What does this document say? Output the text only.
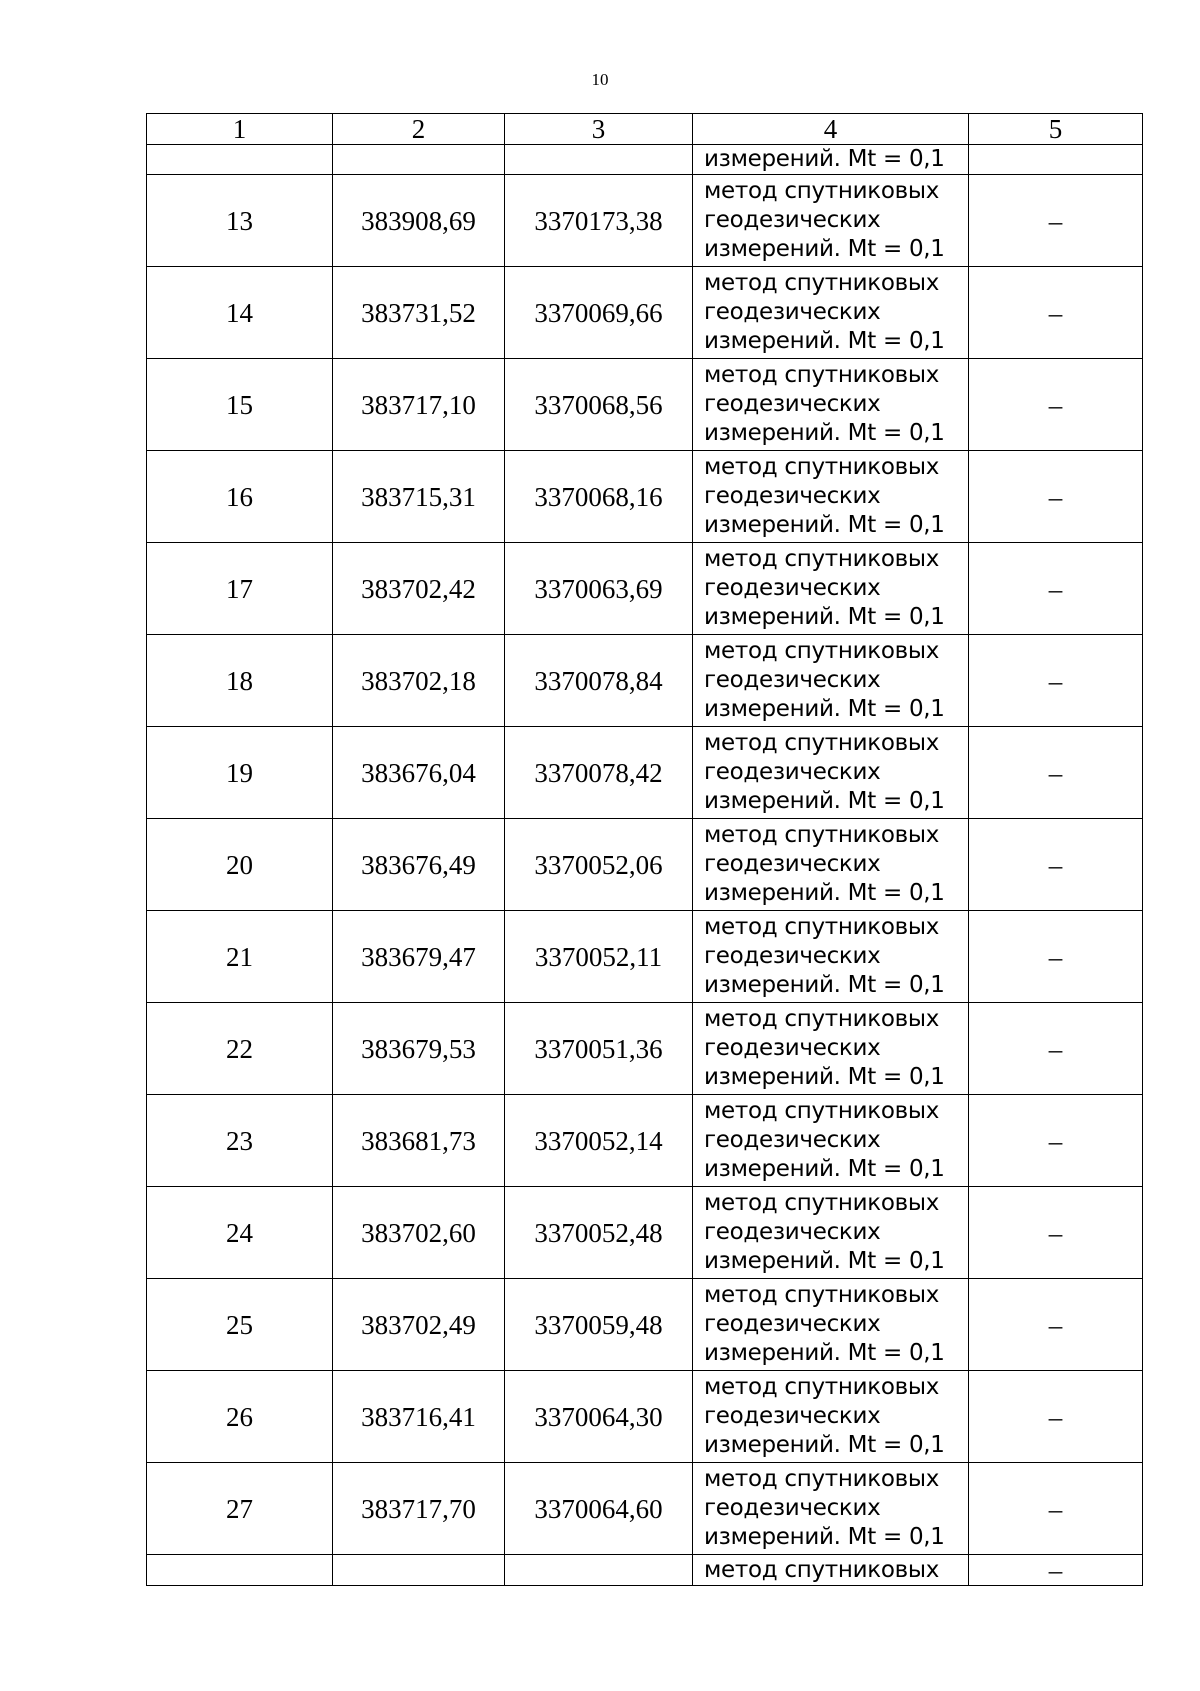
10
1	2	3	4	5
			измерений. Mt = 0,1	
13	383908,69	3370173,38	метод спутниковых
геодезических
измерений. Mt = 0,1	–
14	383731,52	3370069,66	метод спутниковых
геодезических
измерений. Mt = 0,1	–
15	383717,10	3370068,56	метод спутниковых
геодезических
измерений. Mt = 0,1	–
16	383715,31	3370068,16	метод спутниковых
геодезических
измерений. Mt = 0,1	–
17	383702,42	3370063,69	метод спутниковых
геодезических
измерений. Mt = 0,1	–
18	383702,18	3370078,84	метод спутниковых
геодезических
измерений. Mt = 0,1	–
19	383676,04	3370078,42	метод спутниковых
геодезических
измерений. Mt = 0,1	–
20	383676,49	3370052,06	метод спутниковых
геодезических
измерений. Mt = 0,1	–
21	383679,47	3370052,11	метод спутниковых
геодезических
измерений. Mt = 0,1	–
22	383679,53	3370051,36	метод спутниковых
геодезических
измерений. Mt = 0,1	–
23	383681,73	3370052,14	метод спутниковых
геодезических
измерений. Mt = 0,1	–
24	383702,60	3370052,48	метод спутниковых
геодезических
измерений. Mt = 0,1	–
25	383702,49	3370059,48	метод спутниковых
геодезических
измерений. Mt = 0,1	–
26	383716,41	3370064,30	метод спутниковых
геодезических
измерений. Mt = 0,1	–
27	383717,70	3370064,60	метод спутниковых
геодезических
измерений. Mt = 0,1	–
			метод спутниковых	–
